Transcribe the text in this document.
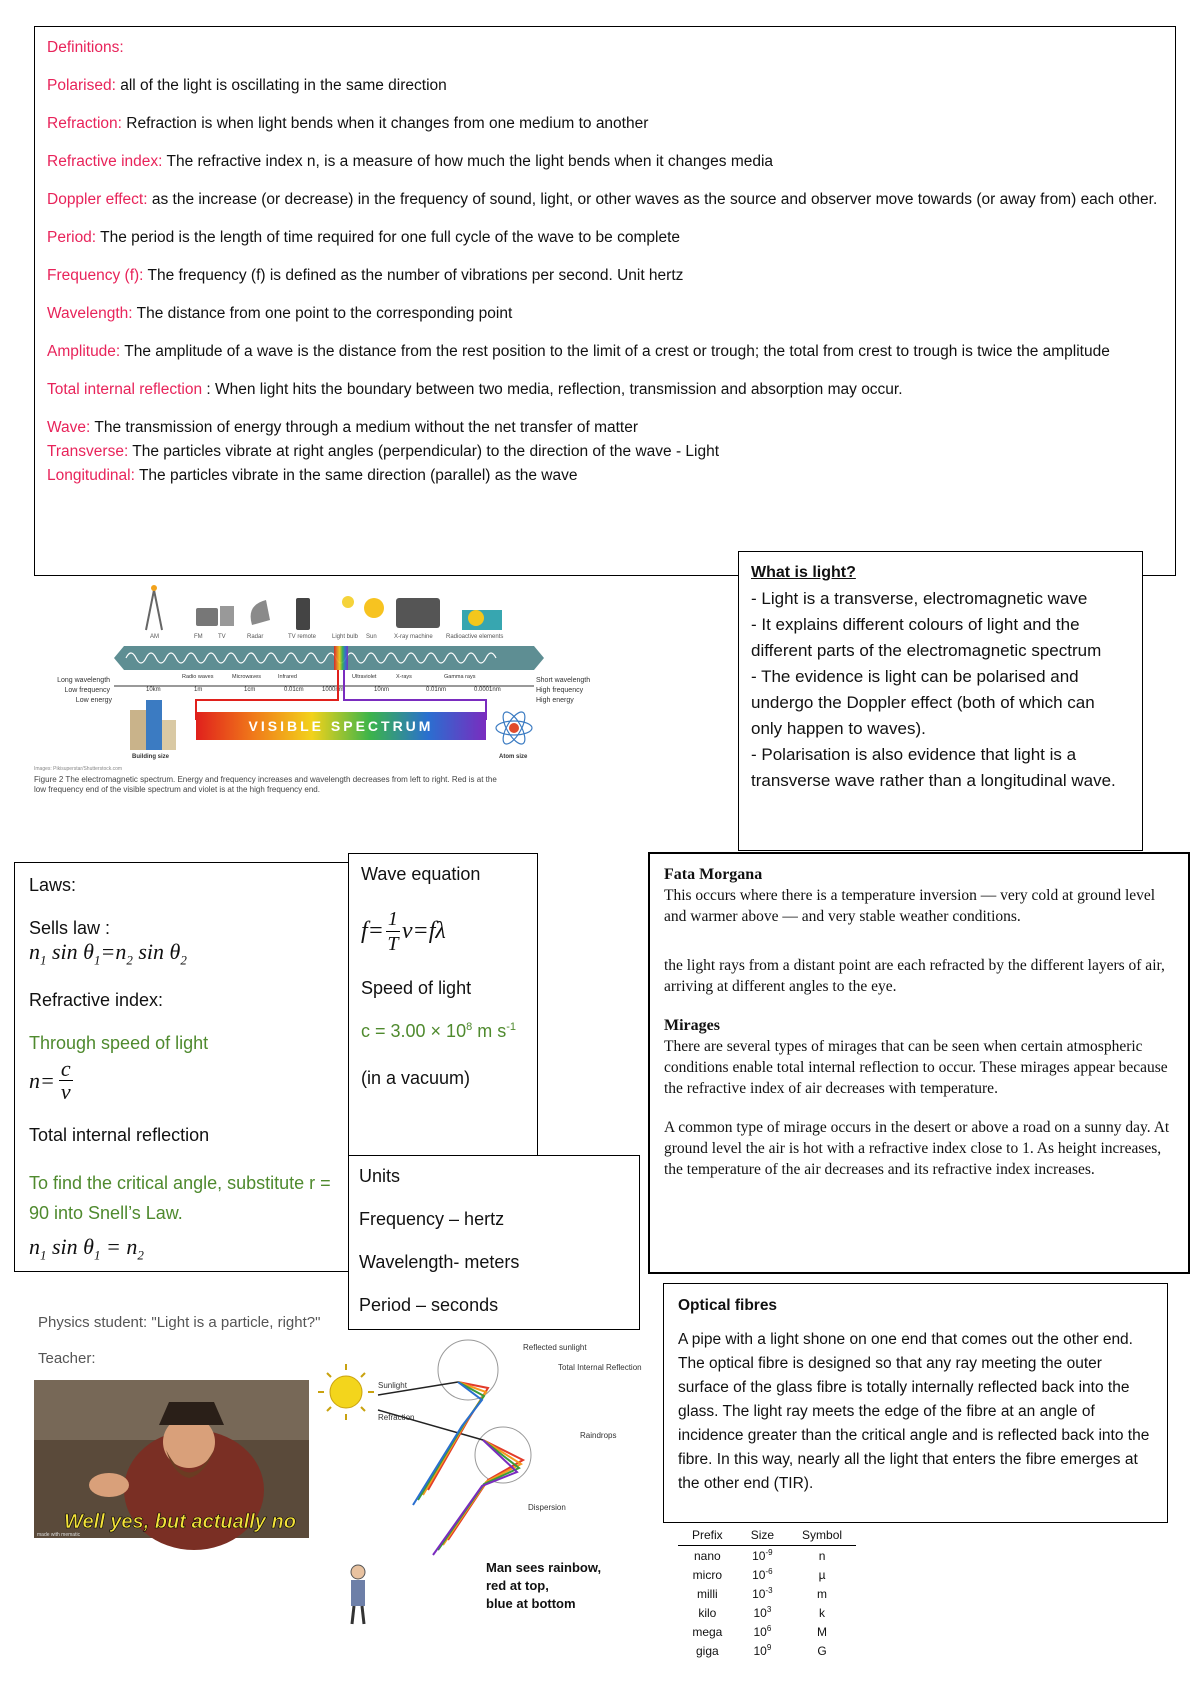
Definitions:
Polarised: all of the light is oscillating in the same direction
Refraction: Refraction is when light bends when it changes from one medium to another
Refractive index: The refractive index n, is a measure of how much the light bends when it changes media
Doppler effect: as the increase (or decrease) in the frequency of sound, light, or other waves as the source and observer move towards (or away from) each other.
Period: The period is the length of time required for one full cycle of the wave to be complete
Frequency (f): The frequency (f) is defined as the number of vibrations per second. Unit hertz
Wavelength: The distance from one point to the corresponding point
Amplitude: The amplitude of a wave is the distance from the rest position to the limit of a crest or trough; the total from crest to trough is twice the amplitude
Total internal reflection : When light hits the boundary between two media, reflection, transmission and absorption may occur.
Wave: The transmission of energy through a medium without the net transfer of matter
Transverse: The particles vibrate at right angles (perpendicular) to the direction of the wave - Light
Longitudinal: The particles vibrate in the same direction (parallel) as the wave
What is light?
- Light is a transverse, electromagnetic wave
- It explains different colours of light and the different parts of the electromagnetic spectrum
- The evidence is light can be polarised and undergo the Doppler effect (both of which can only happen to waves).
- Polarisation is also evidence that light is a transverse wave rather than a longitudinal wave.
AM	FM	TV	Radar	TV remote	Light bulb Sun	X-ray machine Radioactive elements
Radio waves	Microwaves	Infrared	Ultraviolet	X-rays	Gamma rays
10km	1m	1cm	0.01cm	1000nm	10nm	0.01nm	0.0001nm
Long wavelength Low frequency Low energy
Short wavelength High frequency High energy
VISIBLE SPECTRUM
Building size	Atom size
Images: Pikisuperstar/Shutterstock.com
Figure 2 The electromagnetic spectrum. Energy and frequency increases and wavelength decreases from left to right. Red is at the low frequency end of the visible spectrum and violet is at the high frequency end.
Laws:
Sells law :
$n_1$ $\sin \theta_1=n_2$ $\sin \theta_2$
Refractive index:
Through speed of light
$n= \frac{c}{v}$
Total internal reflection
To find the critical angle, substitute r = 90 into Snell’s Law.
$n_1$ $\sin \theta_1 = n_2$
Wave equation
$f= \frac{1}{T} v=f\lambda$
Speed of light
$c = 3.00 \times 10^8$ m $s^{-1}$
(in a vacuum)
Units
Frequency – hertz
Wavelength- meters
Period – seconds
Fata Morgana
This occurs where there is a temperature inversion — very cold at ground level and warmer above — and very stable weather conditions.
the light rays from a distant point are each refracted by the different layers of air, arriving at different angles to the eye.
Mirages
There are several types of mirages that can be seen when certain atmospheric conditions enable total internal reflection to occur. These mirages appear because the refractive index of air decreases with temperature.
A common type of mirage occurs in the desert or above a road on a sunny day. At ground level the air is hot with a refractive index close to 1. As height increases, the temperature of the air decreases and its refractive index increases.
Optical fibres
A pipe with a light shone on one end that comes out the other end. The optical fibre is designed so that any ray meeting the outer surface of the glass fibre is totally internally reflected back into the glass. The light ray meets the edge of the fibre at an angle of incidence greater than the critical angle and is reflected back into the fibre. In this way, nearly all the light that enters the fibre emerges at the other end (TIR).
Prefix	Size	Symbol
nano	$10^{-9}$	n
micro	$10^{-6}$	µ
milli	$10^{-3}$	m
kilo	$10^3$	k
mega	$10^6$	M
giga	$10^9$	G
Physics student: "Light is a particle, right?"
Teacher:
Well yes, but actually no
made with mematic
Reflected sunlight Total Internal Reflection Sunlight Refraction Raindrops Dispersion
Man sees rainbow, red at top, blue at bottom
